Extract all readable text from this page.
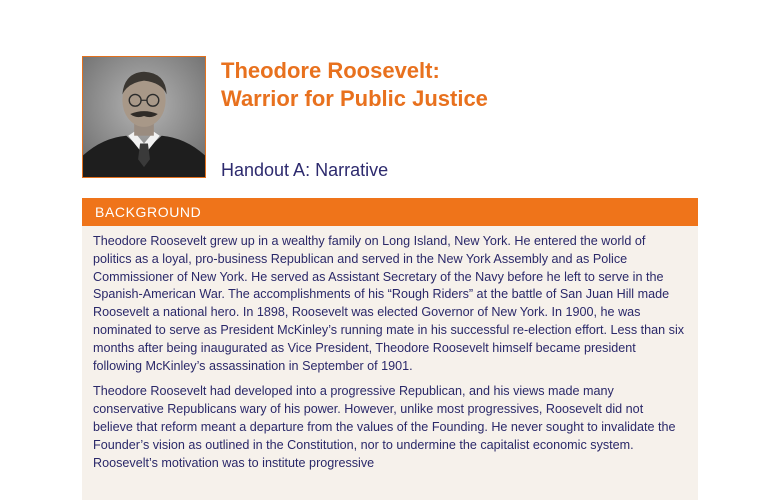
Theodore Roosevelt:
Warrior for Public Justice
Handout A: Narrative
BACKGROUND

Theodore Roosevelt grew up in a wealthy family on Long Island, New York. He entered the world of politics as a loyal, pro-business Republican and served in the New York Assembly and as Police Commissioner of New York. He served as Assistant Secretary of the Navy before he left to serve in the Spanish-American War. The accomplishments of his “Rough Riders” at the battle of San Juan Hill made Roosevelt a national hero. In 1898, Roosevelt was elected Governor of New York. In 1900, he was nominated to serve as President McKinley’s running mate in his successful re-election effort. Less than six months after being inaugurated as Vice President, Theodore Roosevelt himself became president following McKinley’s assassination in September of 1901.

Theodore Roosevelt had developed into a progressive Republican, and his views made many conservative Republicans wary of his power. However, unlike most progressives, Roosevelt did not believe that reform meant a departure from the values of the Founding. He never sought to invalidate the Founder’s vision as outlined in the Constitution, nor to undermine the capitalist economic system. Roosevelt’s motivation was to institute progressive
